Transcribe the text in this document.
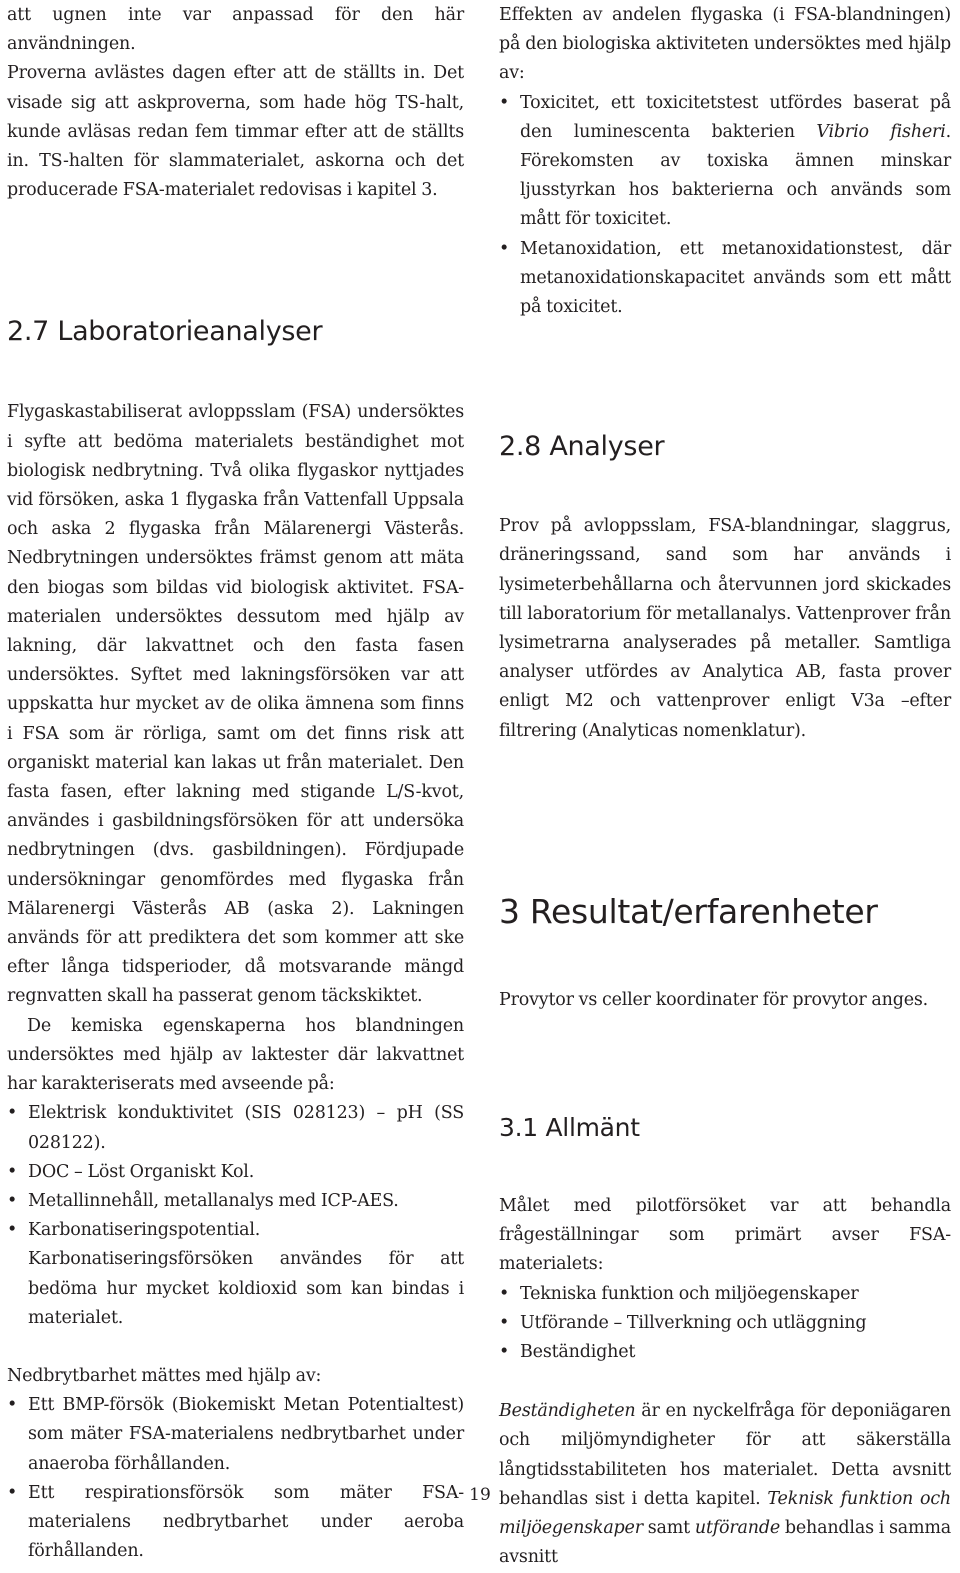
att ugnen inte var anpassad för den här användningen.

Proverna avlästes dagen efter att de ställts in. Det visade sig att askproverna, som hade hög TS-halt, kunde avläsas redan fem timmar efter att de ställts in. TS-halten för slammaterialet, askorna och det producerade FSA-materialet redovisas i kapitel 3.

2.7 Laboratorieanalyser

Flygaskastabiliserat avloppsslam (FSA) undersöktes i syfte att bedöma materialets beständighet mot biologisk nedbrytning. Två olika flygaskor nyttjades vid försöken, aska 1 flygaska från Vattenfall Uppsala och aska 2 flygaska från Mälarenergi Västerås. Nedbrytningen undersöktes främst genom att mäta den biogas som bildas vid biologisk aktivitet. FSA-materialen undersöktes dessutom med hjälp av lakning, där lakvattnet och den fasta fasen undersöktes. Syftet med lakningsförsöken var att uppskatta hur mycket av de olika ämnena som finns i FSA som är rörliga, samt om det finns risk att organiskt material kan lakas ut från materialet. Den fasta fasen, efter lakning med stigande L/S-kvot, användes i gasbildningsförsöken för att undersöka nedbrytningen (dvs. gasbildningen). Fördjupade undersökningar genomfördes med flygaska från Mälarenergi Västerås AB (aska 2). Lakningen används för att prediktera det som kommer att ske efter långa tidsperioder, då motsvarande mängd regnvatten skall ha passerat genom täckskiktet.

De kemiska egenskaperna hos blandningen undersöktes med hjälp av laktester där lakvattnet har karakteriserats med avseende på:

• Elektrisk konduktivitet (SIS 028123) – pH (SS 028122).
• DOC – Löst Organiskt Kol.
• Metallinnehåll, metallanalys med ICP-AES.
• Karbonatiseringspotential. Karbonatiseringsförsöken användes för att bedöma hur mycket koldioxid som kan bindas i materialet.

Nedbrytbarhet mättes med hjälp av:

• Ett BMP-försök (Biokemiskt Metan Potentialtest) som mäter FSA-materialens nedbrytbarhet under anaeroba förhållanden.
• Ett respirationsförsök som mäter FSA-materialens nedbrytbarhet under aeroba förhållanden.

Effekten av andelen flygaska (i FSA-blandningen) på den biologiska aktiviteten undersöktes med hjälp av:

• Toxicitet, ett toxicitetstest utfördes baserat på den luminescenta bakterien Vibrio fisheri. Förekomsten av toxiska ämnen minskar ljusstyrkan hos bakterierna och används som mått för toxicitet.
• Metanoxidation, ett metanoxidationstest, där metanoxidationskapacitet används som ett mått på toxicitet.
2.8 Analyser

Prov på avloppsslam, FSA-blandningar, slaggrus, dräneringssand, sand som har används i lysimeterbehållarna och återvunnen jord skickades till laboratorium för metallanalys. Vattenprover från lysimetrarna analyserades på metaller. Samtliga analyser utfördes av Analytica AB, fasta prover enligt M2 och vattenprover enligt V3a –efter filtrering (Analyticas nomenklatur).

3 Resultat/erfarenheter

Provytor vs celler koordinater för provytor anges.

3.1 Allmänt

Målet med pilotförsöket var att behandla frågeställningar som primärt avser FSA-materialets:

• Tekniska funktion och miljöegenskaper
• Utförande – Tillverkning och utläggning
• Beständighet

Beständigheten är en nyckelfråga för deponiägaren och miljömyndigheter för att säkerställa långtidsstabiliteten hos materialet. Detta avsnitt behandlas sist i detta kapitel. Teknisk funktion och miljöegenskaper samt utförande behandlas i samma avsnitt

19
